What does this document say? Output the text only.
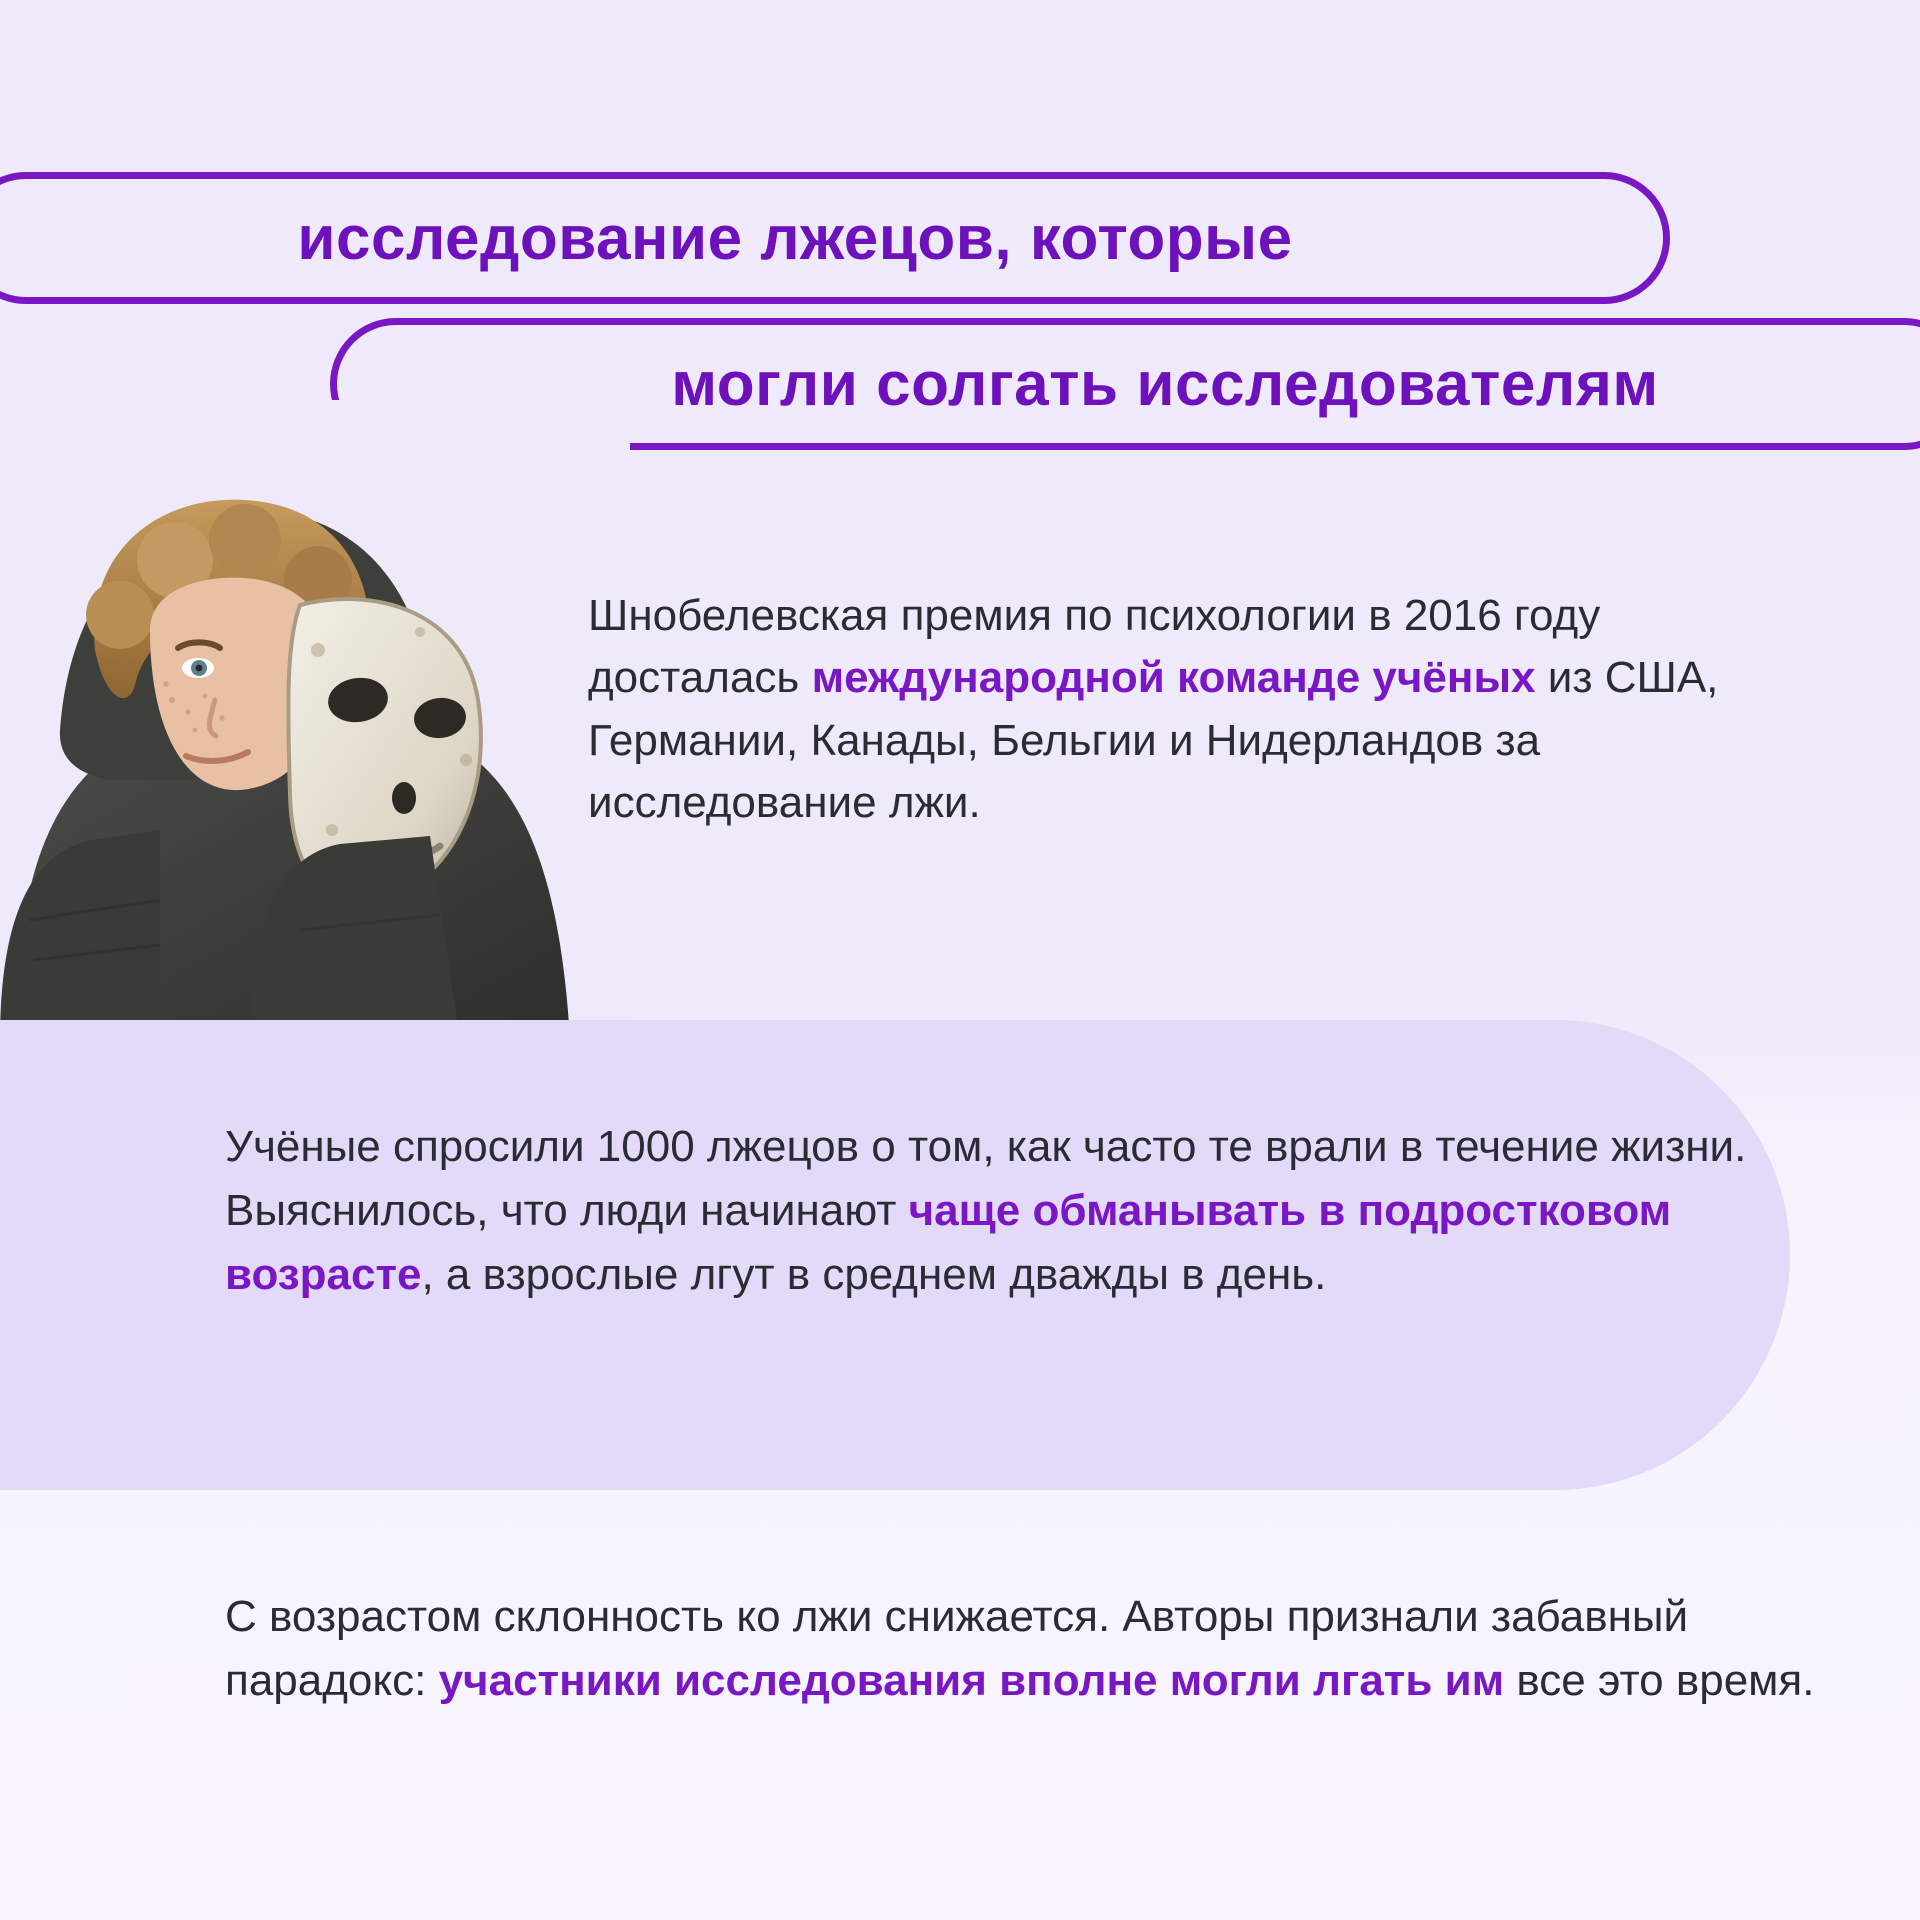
исследование лжецов, которые
могли солгать исследователям
Шнобелевская премия по психологии в 2016 году досталась международной команде учёных из США, Германии, Канады, Бельгии и Нидерландов за исследование лжи.
Учёные спросили 1000 лжецов о том, как часто те врали в течение жизни. Выяснилось, что люди начинают чаще обманывать в подростковом возрасте, а взрослые лгут в среднем дважды в день.
С возрастом склонность ко лжи снижается. Авторы признали забавный парадокс: участники исследования вполне могли лгать им все это время.
